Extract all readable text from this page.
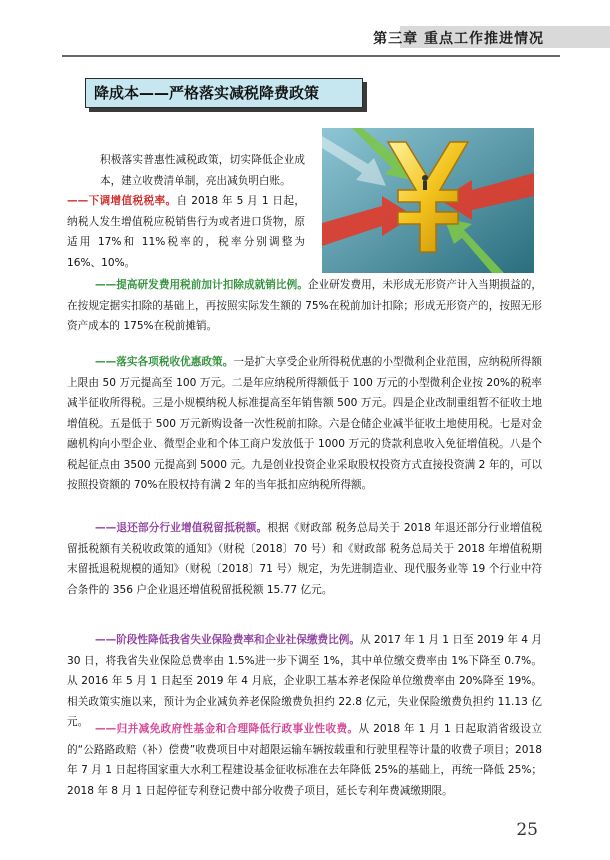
第三章 重点工作推进情况
降成本——严格落实减税降费政策

积极落实普惠性减税政策，切实降低企业成本，建立收费清单制，亮出减负明白账。

——下调增值税税率。自 2018 年 5 月 1 日起，纳税人发生增值税应税销售行为或者进口货物，原适用 17%和 11%税率的，税率分别调整为 16%、10%。

——提高研发费用税前加计扣除成就销比例。企业研发费用，未形成无形资产计入当期损益的，在按规定据实扣除的基础上，再按照实际发生额的 75%在税前加计扣除；形成无形资产的，按照无形资产成本的 175%在税前摊销。

——落实各项税收优惠政策。一是扩大享受企业所得税优惠的小型微利企业范围，应纳税所得额上限由 50 万元提高至 100 万元。二是年应纳税所得额低于 100 万元的小型微利企业按 20%的税率减半征收所得税。三是小规模纳税人标准提高至年销售额 500 万元。四是企业改制重组暂不征收土地增值税。五是低于 500 万元新购设备一次性税前扣除。六是仓储企业减半征收土地使用税。七是对金融机构向小型企业、微型企业和个体工商户发放低于 1000 万元的贷款利息收入免征增值税。八是个税起征点由 3500 元提高到 5000 元。九是创业投资企业采取股权投资方式直接投资满 2 年的，可以按照投资额的 70%在股权持有满 2 年的当年抵扣应纳税所得额。

——退还部分行业增值税留抵税额。根据《财政部 税务总局关于 2018 年退还部分行业增值税留抵税额有关税收政策的通知》（财税〔2018〕70 号）和《财政部 税务总局关于 2018 年增值税期末留抵退税规模的通知》（财税〔2018〕71 号）规定，为先进制造业、现代服务业等 19 个行业中符合条件的 356 户企业退还增值税留抵税额 15.77 亿元。

——阶段性降低我省失业保险费率和企业社保缴费比例。从 2017 年 1 月 1 日至 2019 年 4 月 30 日，将我省失业保险总费率由 1.5%进一步下调至 1%，其中单位缴交费率由 1%下降至 0.7%。从 2016 年 5 月 1 日起至 2019 年 4 月底，企业职工基本养老保险单位缴费率由 20%降至 19%。相关政策实施以来，预计为企业减负养老保险缴费负担约 22.8 亿元，失业保险缴费负担约 11.13 亿元。

——归并减免政府性基金和合理降低行政事业性收费。从 2018 年 1 月 1 日起取消省级设立的“公路路政赔（补）偿费”收费项目中对超限运输车辆按载重和行驶里程等计量的收费子项目；2018 年 7 月 1 日起将国家重大水利工程建设基金征收标准在去年降低 25%的基础上，再统一降低 25%；2018 年 8 月 1 日起停征专利登记费中部分收费子项目，延长专利年费减缴期限。

25
